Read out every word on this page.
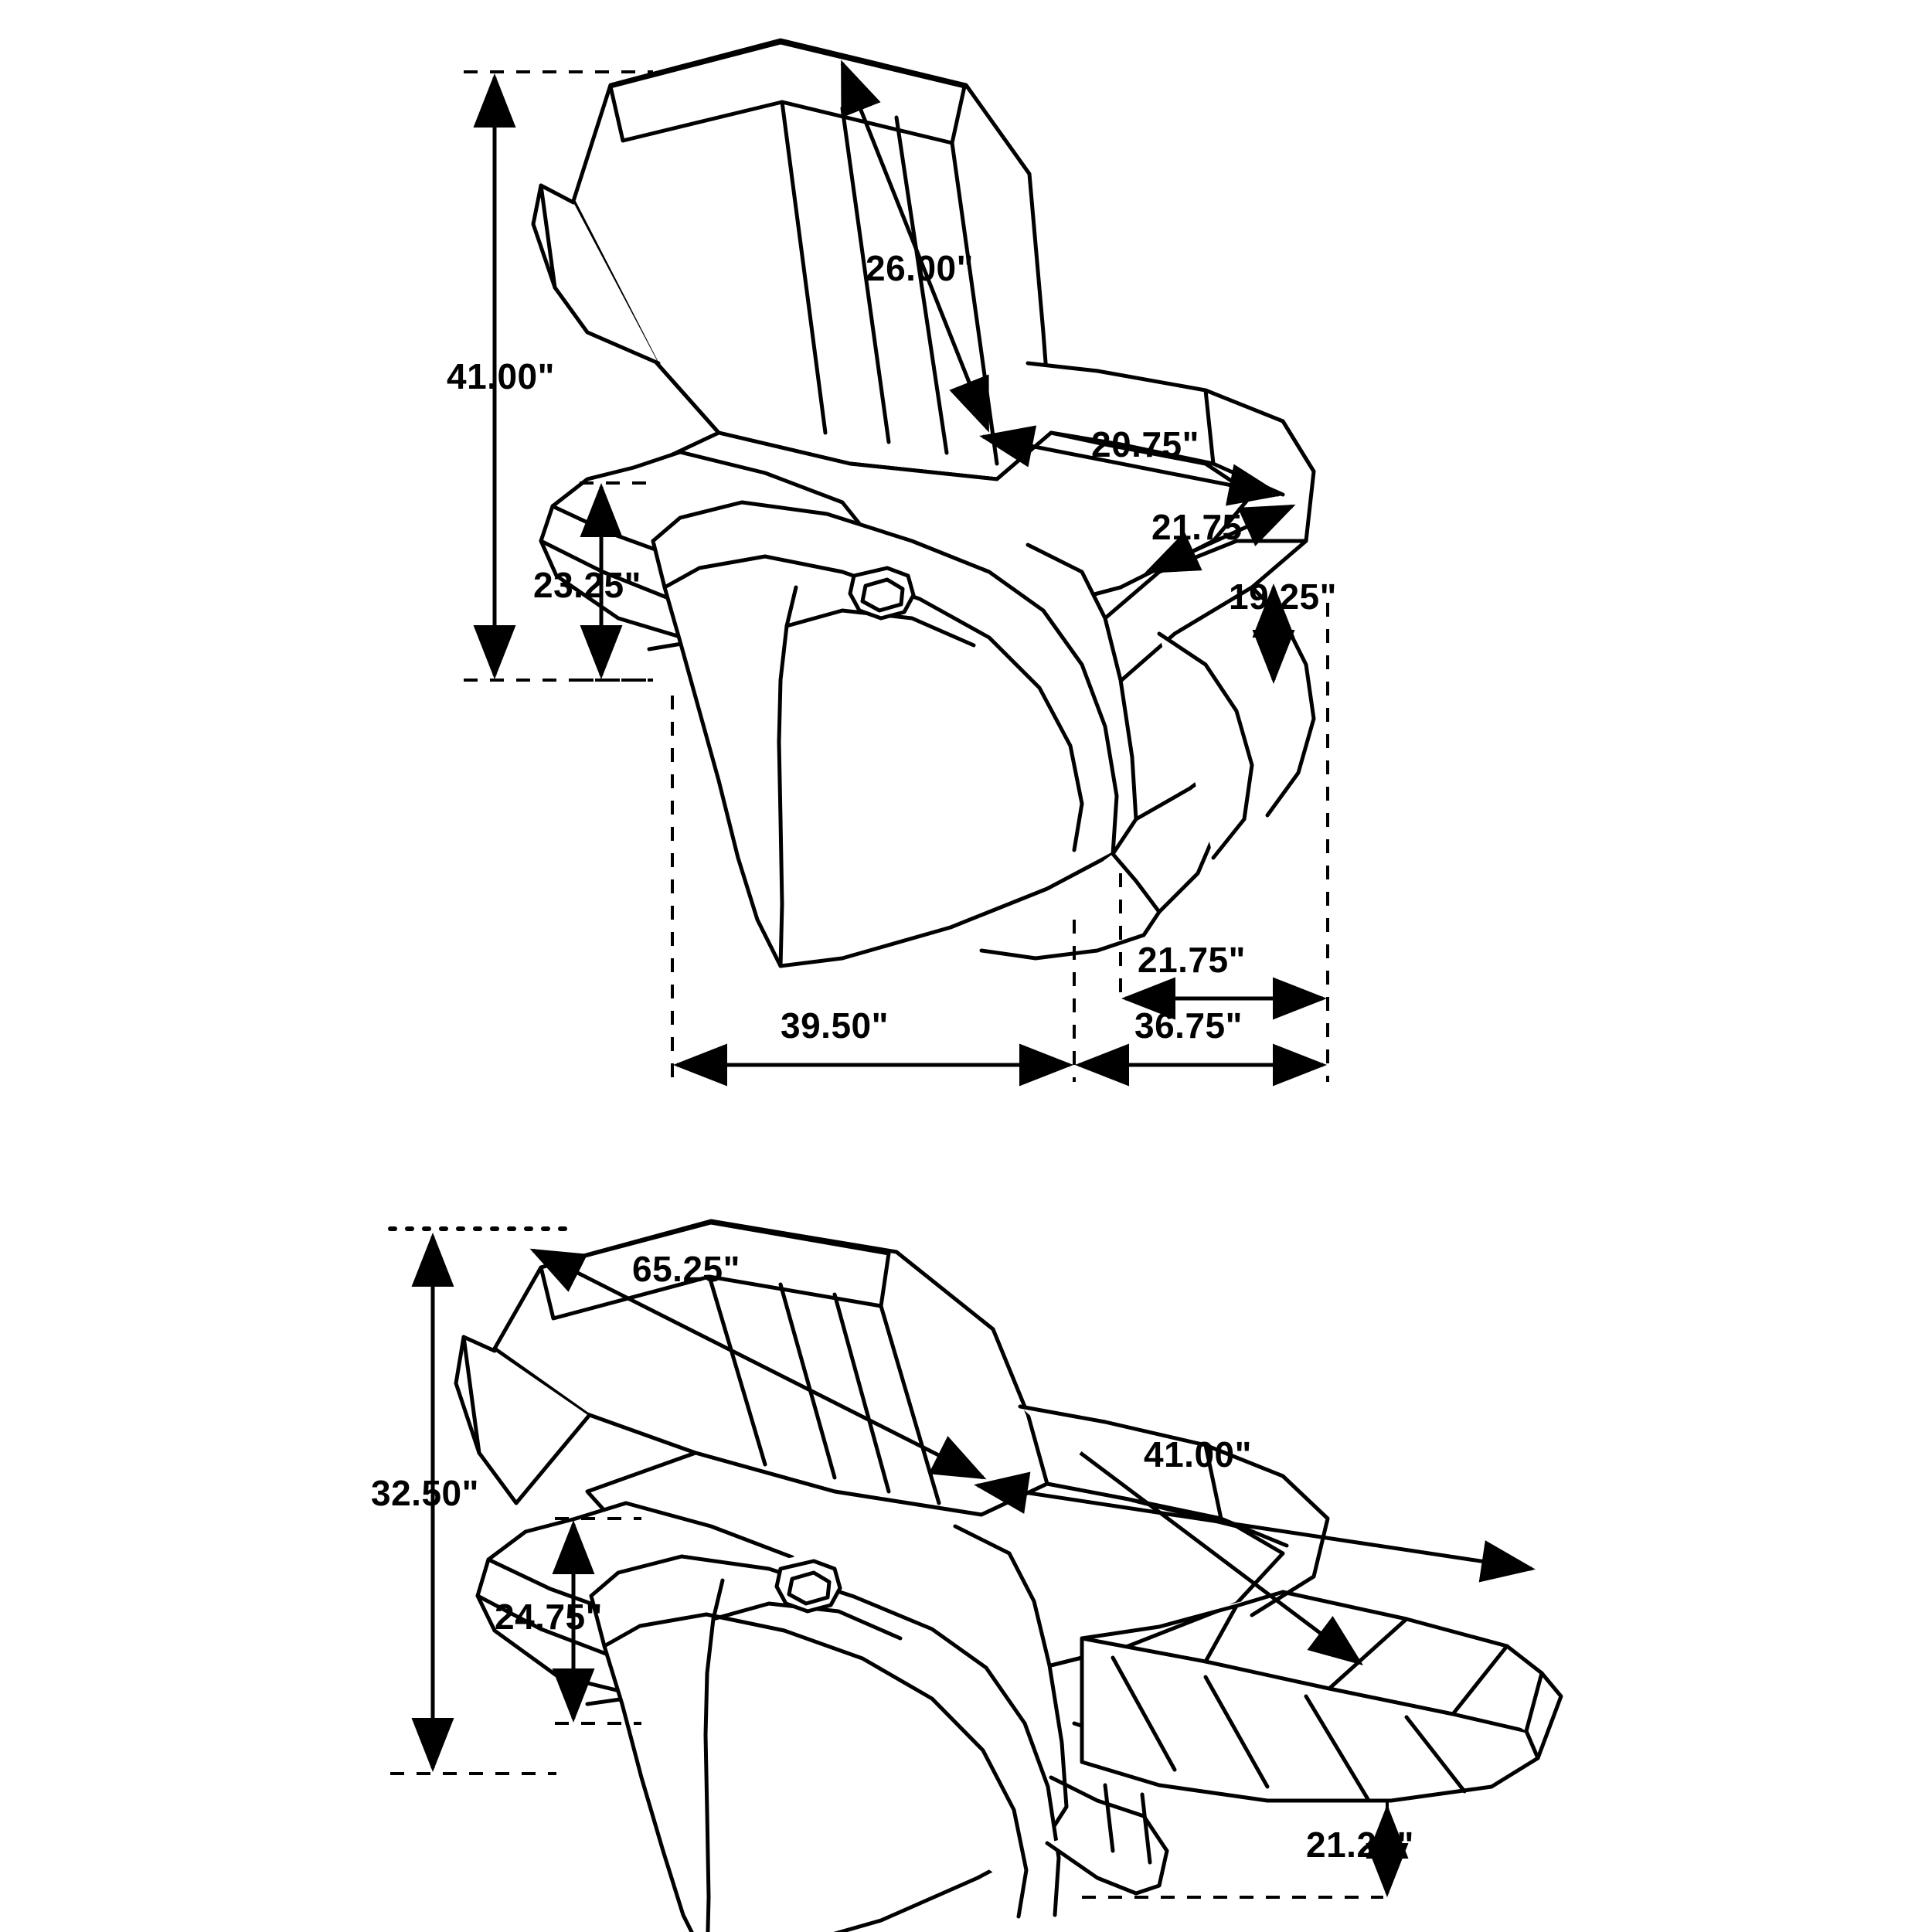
41.00"
26.00"
20.75"
21.75"
19.25"
23.25"
39.50"	36.75"
21.75"
65.25"
41.00"
32.50"
24.75"
21.25"
